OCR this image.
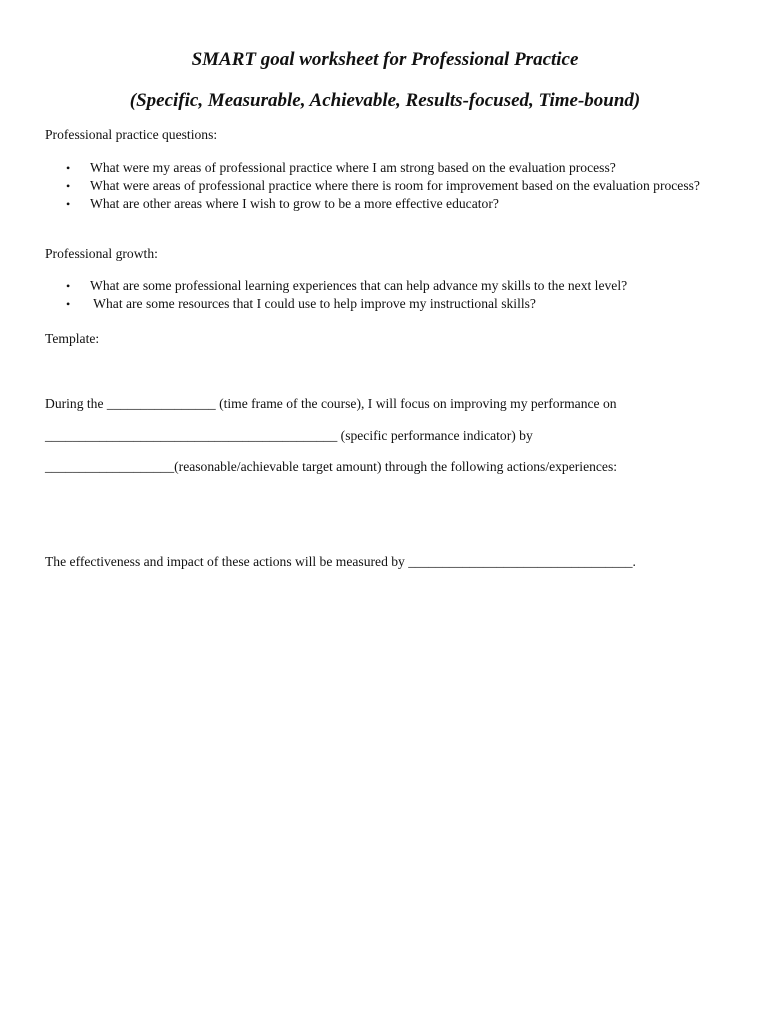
SMART goal worksheet for Professional Practice
(Specific, Measurable, Achievable, Results-focused, Time-bound)
Professional practice questions:
•	What were my areas of professional practice where I am strong based on the evaluation process?
•	What were areas of professional practice where there is room for improvement based on the evaluation process?
•	What are other areas where I wish to grow to be a more effective educator?
Professional growth:
•	What are some professional learning experiences that can help advance my skills to the next level?
•	What are some resources that I could use to help improve my instructional skills?
Template:
During the ________________ (time frame of the course), I will focus on improving my performance on
___________________________________________ (specific performance indicator) by
___________________(reasonable/achievable target amount) through the following actions/experiences:
The effectiveness and impact of these actions will be measured by _________________________________.
